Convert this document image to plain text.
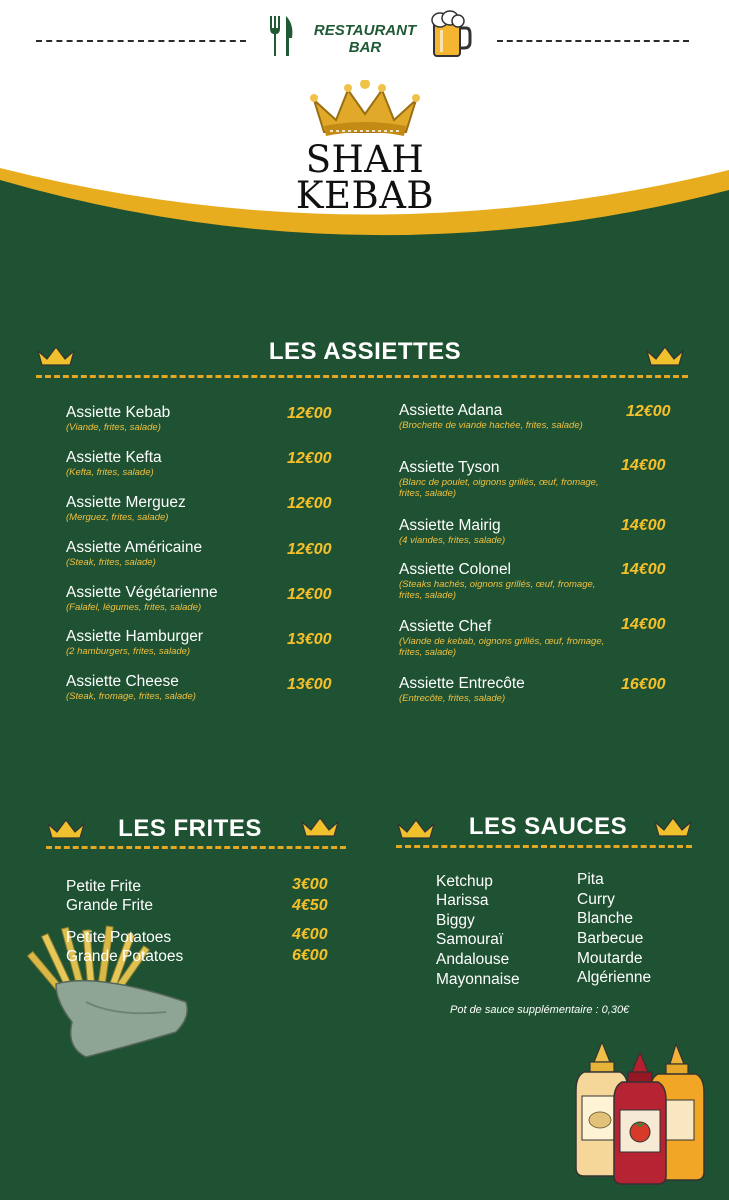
RESTAURANT
BAR
SHAH
KEBAB
LES ASSIETTES
Assiette Kebab
(Viande, frites, salade)
12€00
Assiette Kefta
(Kefta, frites, salade)
12€00
Assiette Merguez
(Merguez, frites, salade)
12€00
Assiette Américaine
(Steak, frites, salade)
12€00
Assiette Végétarienne
(Falafel, légumes, frites, salade)
12€00
Assiette Hamburger
(2 hamburgers, frites, salade)
13€00
Assiette Cheese
(Steak, fromage, frites, salade)
13€00
Assiette Adana
(Brochette de viande hachée, frites, salade)
12€00
Assiette Tyson
(Blanc de poulet, oignons grillés, œuf, fromage, frites, salade)
14€00
Assiette Mairig
(4 viandes, frites, salade)
14€00
Assiette Colonel
(Steaks hachés, oignons grillés, œuf, fromage, frites, salade)
14€00
Assiette Chef
(Viande de kebab, oignons grillés, œuf, fromage, frites, salade)
14€00
Assiette Entrecôte
(Entrecôte, frites, salade)
16€00
LES FRITES
Petite Frite	3€00
Grande Frite	4€50
Petite Potatoes	4€00
Grande Potatoes	6€00
LES SAUCES
Ketchup
Harissa
Biggy
Samouraï
Andalouse
Mayonnaise
Pita
Curry
Blanche
Barbecue
Moutarde
Algérienne
Pot de sauce supplémentaire : 0,30€
